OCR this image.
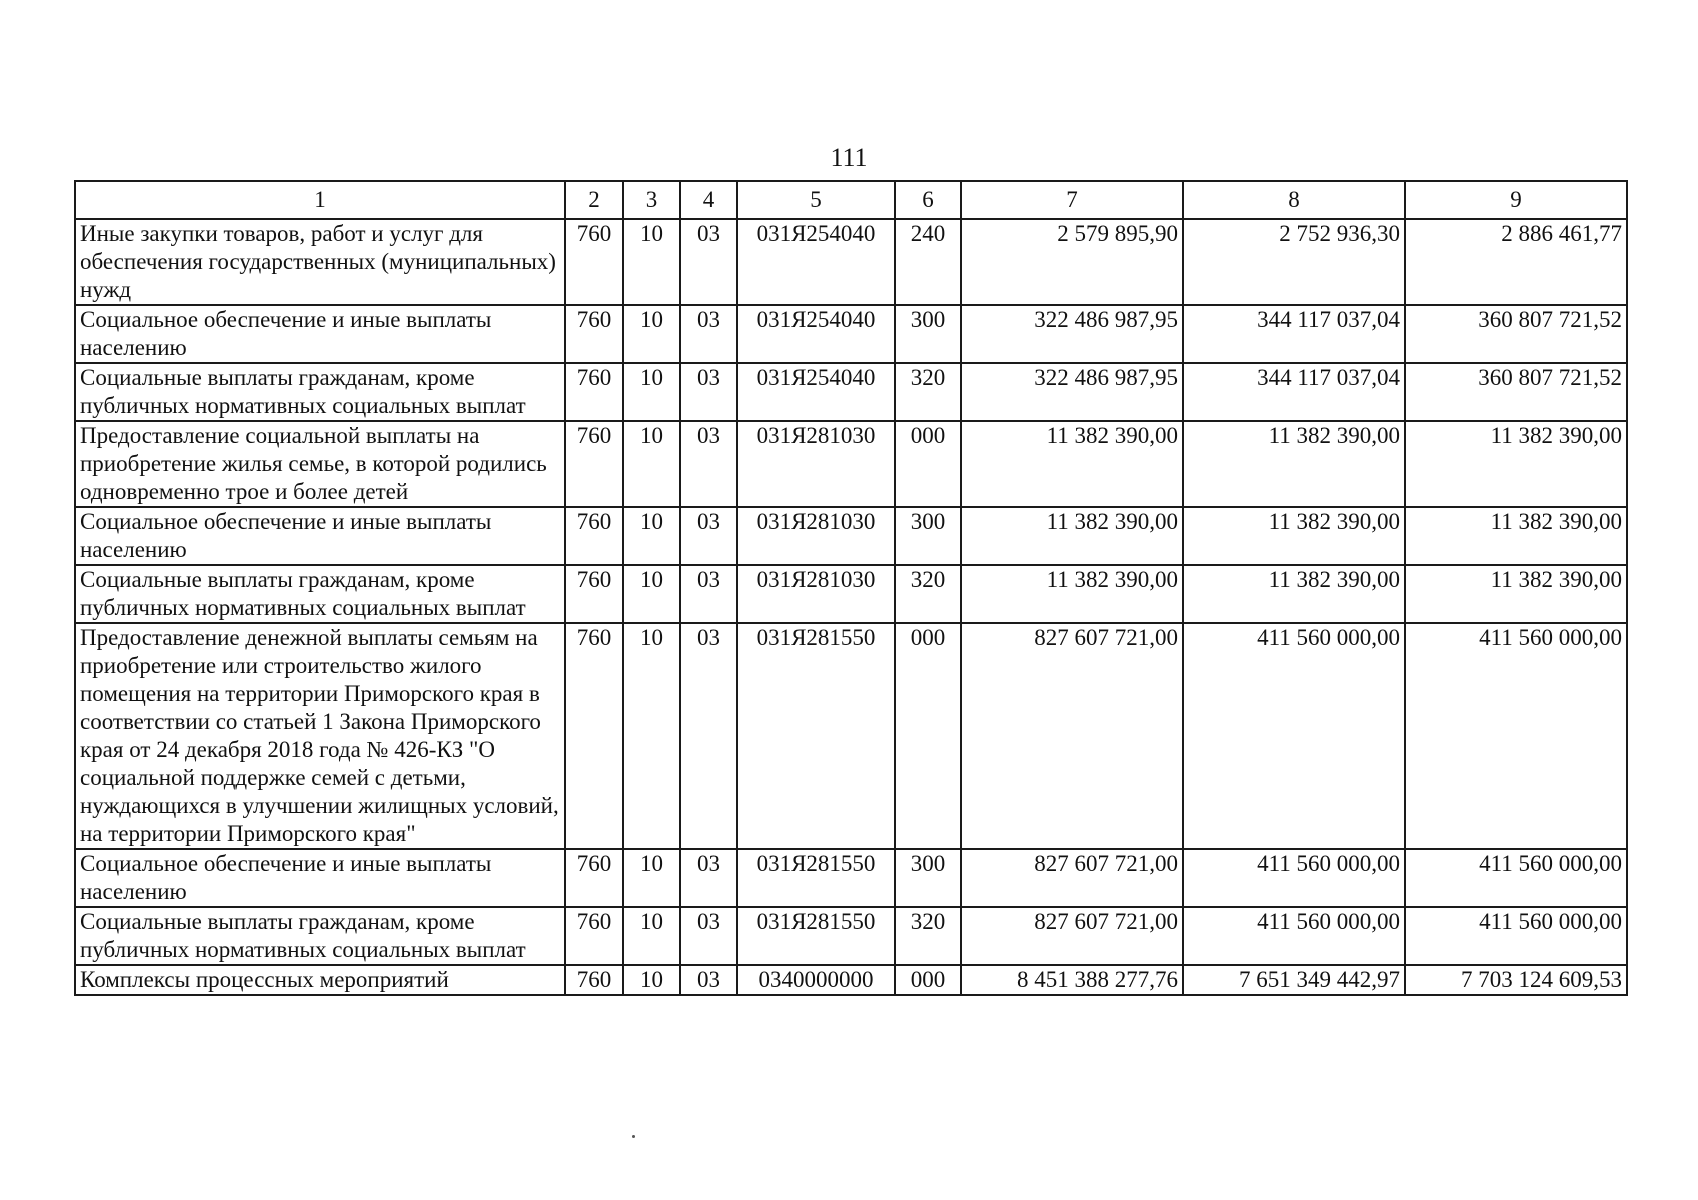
111
1	2	3	4	5	6	7	8	9
Иные закупки товаров, работ и услуг для обеспечения государственных (муниципальных) нужд	760	10	03	031Я254040	240	2 579 895,90	2 752 936,30	2 886 461,77
Социальное обеспечение и иные выплаты населению	760	10	03	031Я254040	300	322 486 987,95	344 117 037,04	360 807 721,52
Социальные выплаты гражданам, кроме публичных нормативных социальных выплат	760	10	03	031Я254040	320	322 486 987,95	344 117 037,04	360 807 721,52
Предоставление социальной выплаты на приобретение жилья семье, в которой родились одновременно трое и более детей	760	10	03	031Я281030	000	11 382 390,00	11 382 390,00	11 382 390,00
Социальное обеспечение и иные выплаты населению	760	10	03	031Я281030	300	11 382 390,00	11 382 390,00	11 382 390,00
Социальные выплаты гражданам, кроме публичных нормативных социальных выплат	760	10	03	031Я281030	320	11 382 390,00	11 382 390,00	11 382 390,00
Предоставление денежной выплаты семьям на приобретение или строительство жилого помещения на территории Приморского края в соответствии со статьей 1 Закона Приморского края от 24 декабря 2018 года № 426-КЗ "О социальной поддержке семей с детьми, нуждающихся в улучшении жилищных условий, на территории Приморского края"	760	10	03	031Я281550	000	827 607 721,00	411 560 000,00	411 560 000,00
Социальное обеспечение и иные выплаты населению	760	10	03	031Я281550	300	827 607 721,00	411 560 000,00	411 560 000,00
Социальные выплаты гражданам, кроме публичных нормативных социальных выплат	760	10	03	031Я281550	320	827 607 721,00	411 560 000,00	411 560 000,00
Комплексы процессных мероприятий	760	10	03	0340000000	000	8 451 388 277,76	7 651 349 442,97	7 703 124 609,53
